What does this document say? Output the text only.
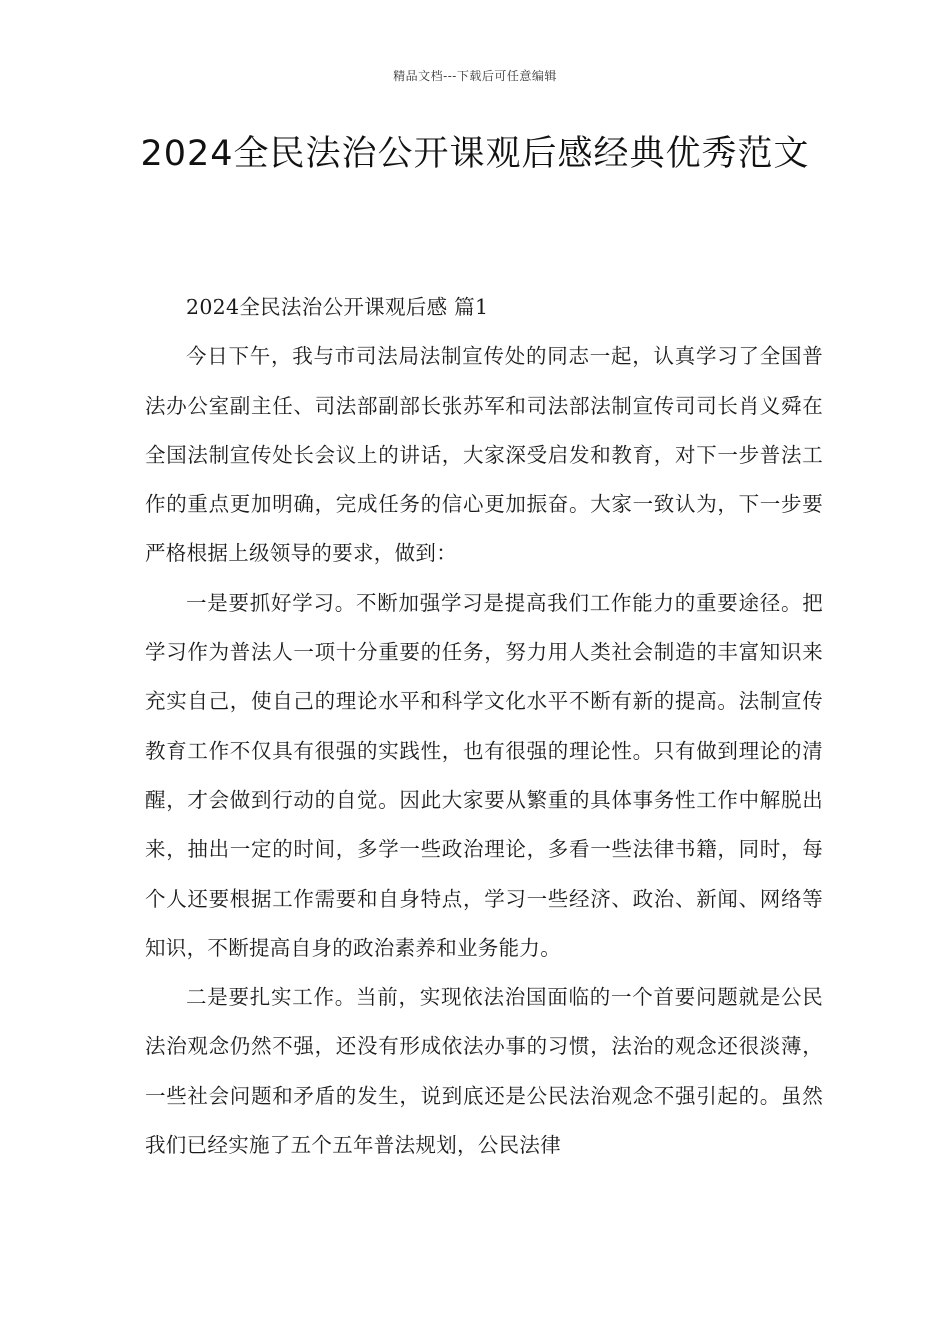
精品文档---下载后可任意编辑
2024全民法治公开课观后感经典优秀范文

2024全民法治公开课观后感 篇1

今日下午，我与市司法局法制宣传处的同志一起，认真学习了全国普法办公室副主任、司法部副部长张苏军和司法部法制宣传司司长肖义舜在全国法制宣传处长会议上的讲话，大家深受启发和教育，对下一步普法工作的重点更加明确，完成任务的信心更加振奋。大家一致认为，下一步要严格根据上级领导的要求，做到：

一是要抓好学习。不断加强学习是提高我们工作能力的重要途径。把学习作为普法人一项十分重要的任务，努力用人类社会制造的丰富知识来充实自己，使自己的理论水平和科学文化水平不断有新的提高。法制宣传教育工作不仅具有很强的实践性，也有很强的理论性。只有做到理论的清醒，才会做到行动的自觉。因此大家要从繁重的具体事务性工作中解脱出来，抽出一定的时间，多学一些政治理论，多看一些法律书籍，同时，每个人还要根据工作需要和自身特点，学习一些经济、政治、新闻、网络等知识，不断提高自身的政治素养和业务能力。

二是要扎实工作。当前，实现依法治国面临的一个首要问题就是公民法治观念仍然不强，还没有形成依法办事的习惯，法治的观念还很淡薄，一些社会问题和矛盾的发生，说到底还是公民法治观念不强引起的。虽然我们已经实施了五个五年普法规划，公民法律
